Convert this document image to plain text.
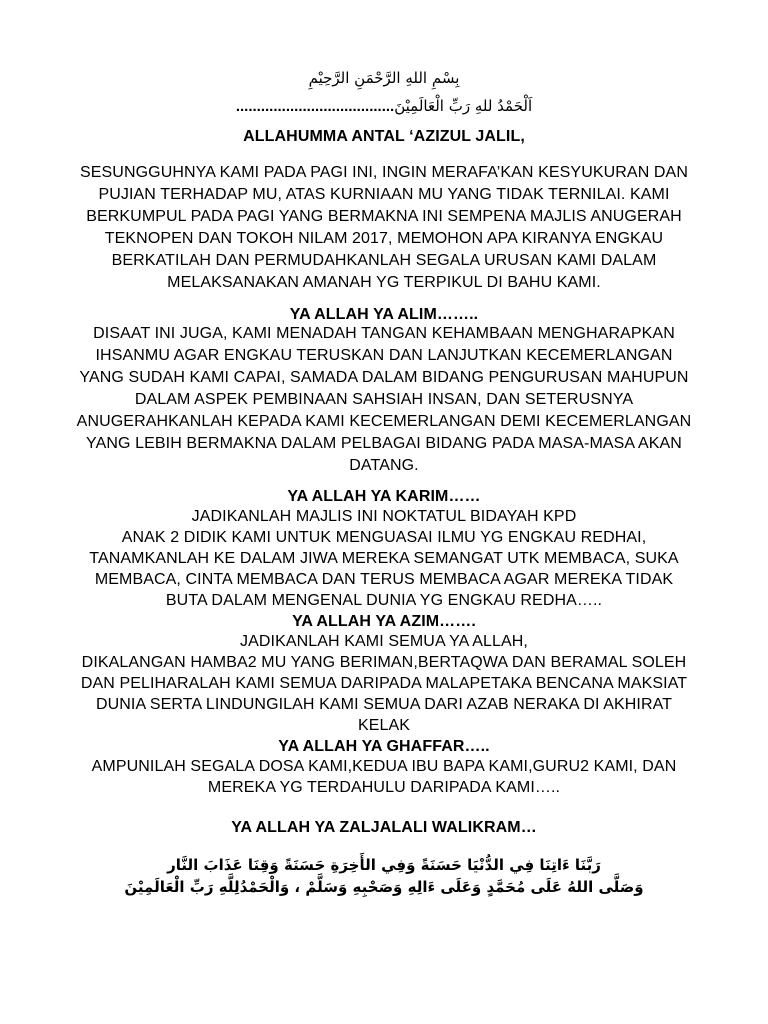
بِسْمِ اللهِ الرَّحْمَنِ الرَّحِيْمِ
اَلْحَمْدُ للهِ رَبِّ الْعَالَمِيْنَ......................................
ALLAHUMMA ANTAL ‘AZIZUL JALIL,
SESUNGGUHNYA KAMI PADA PAGI INI, INGIN MERAFA’KAN KESYUKURAN DAN
PUJIAN TERHADAP MU, ATAS KURNIAAN MU YANG TIDAK TERNILAI. KAMI
BERKUMPUL PADA PAGI YANG BERMAKNA INI SEMPENA MAJLIS ANUGERAH
TEKNOPEN DAN TOKOH NILAM 2017, MEMOHON APA KIRANYA ENGKAU
BERKATILAH DAN PERMUDAHKANLAH SEGALA URUSAN KAMI DALAM
MELAKSANAKAN AMANAH YG TERPIKUL DI BAHU KAMI.
YA ALLAH YA ALIM……..
DISAAT INI JUGA, KAMI MENADAH TANGAN KEHAMBAAN MENGHARAPKAN
IHSANMU AGAR ENGKAU TERUSKAN DAN LANJUTKAN KECEMERLANGAN
YANG SUDAH KAMI CAPAI, SAMADA DALAM BIDANG PENGURUSAN MAHUPUN
DALAM ASPEK PEMBINAAN SAHSIAH INSAN, DAN SETERUSNYA
ANUGERAHKANLAH KEPADA KAMI KECEMERLANGAN DEMI KECEMERLANGAN
YANG LEBIH BERMAKNA DALAM PELBAGAI BIDANG PADA MASA-MASA AKAN
DATANG.
YA ALLAH YA KARIM……
JADIKANLAH MAJLIS INI NOKTATUL BIDAYAH KPD
ANAK 2 DIDIK KAMI UNTUK MENGUASAI ILMU YG ENGKAU REDHAI,
TANAMKANLAH KE DALAM JIWA MEREKA SEMANGAT UTK MEMBACA, SUKA
MEMBACA, CINTA MEMBACA DAN TERUS MEMBACA AGAR MEREKA TIDAK
BUTA DALAM MENGENAL DUNIA YG ENGKAU REDHA…..
YA ALLAH YA AZIM…….
JADIKANLAH KAMI SEMUA YA ALLAH,
DIKALANGAN HAMBA2 MU YANG BERIMAN,BERTAQWA DAN BERAMAL SOLEH
DAN PELIHARALAH KAMI SEMUA DARIPADA MALAPETAKA BENCANA MAKSIAT
DUNIA SERTA LINDUNGILAH KAMI SEMUA DARI AZAB NERAKA DI AKHIRAT
KELAK
YA ALLAH YA GHAFFAR…..
AMPUNILAH SEGALA DOSA KAMI,KEDUA IBU BAPA KAMI,GURU2 KAMI, DAN
MEREKA YG TERDAHULU DARIPADA KAMI…..
YA ALLAH YA ZALJALALI WALIKRAM…
رَبَّنَا ءَاتِنَا فِي الدُّنْيَا حَسَنَةً وَفِي الأَخِرَةِ حَسَنَةً وَقِنَا عَذَابَ النَّار
وَصَلَّى اللهُ عَلَى مُحَمَّدٍ وَعَلَى ءَالِهِ وَصَحْبِهِ وَسَلَّمْ ، وَالْحَمْدُلِلَّهِ رَبِّ الْعَالَمِيْنَ
